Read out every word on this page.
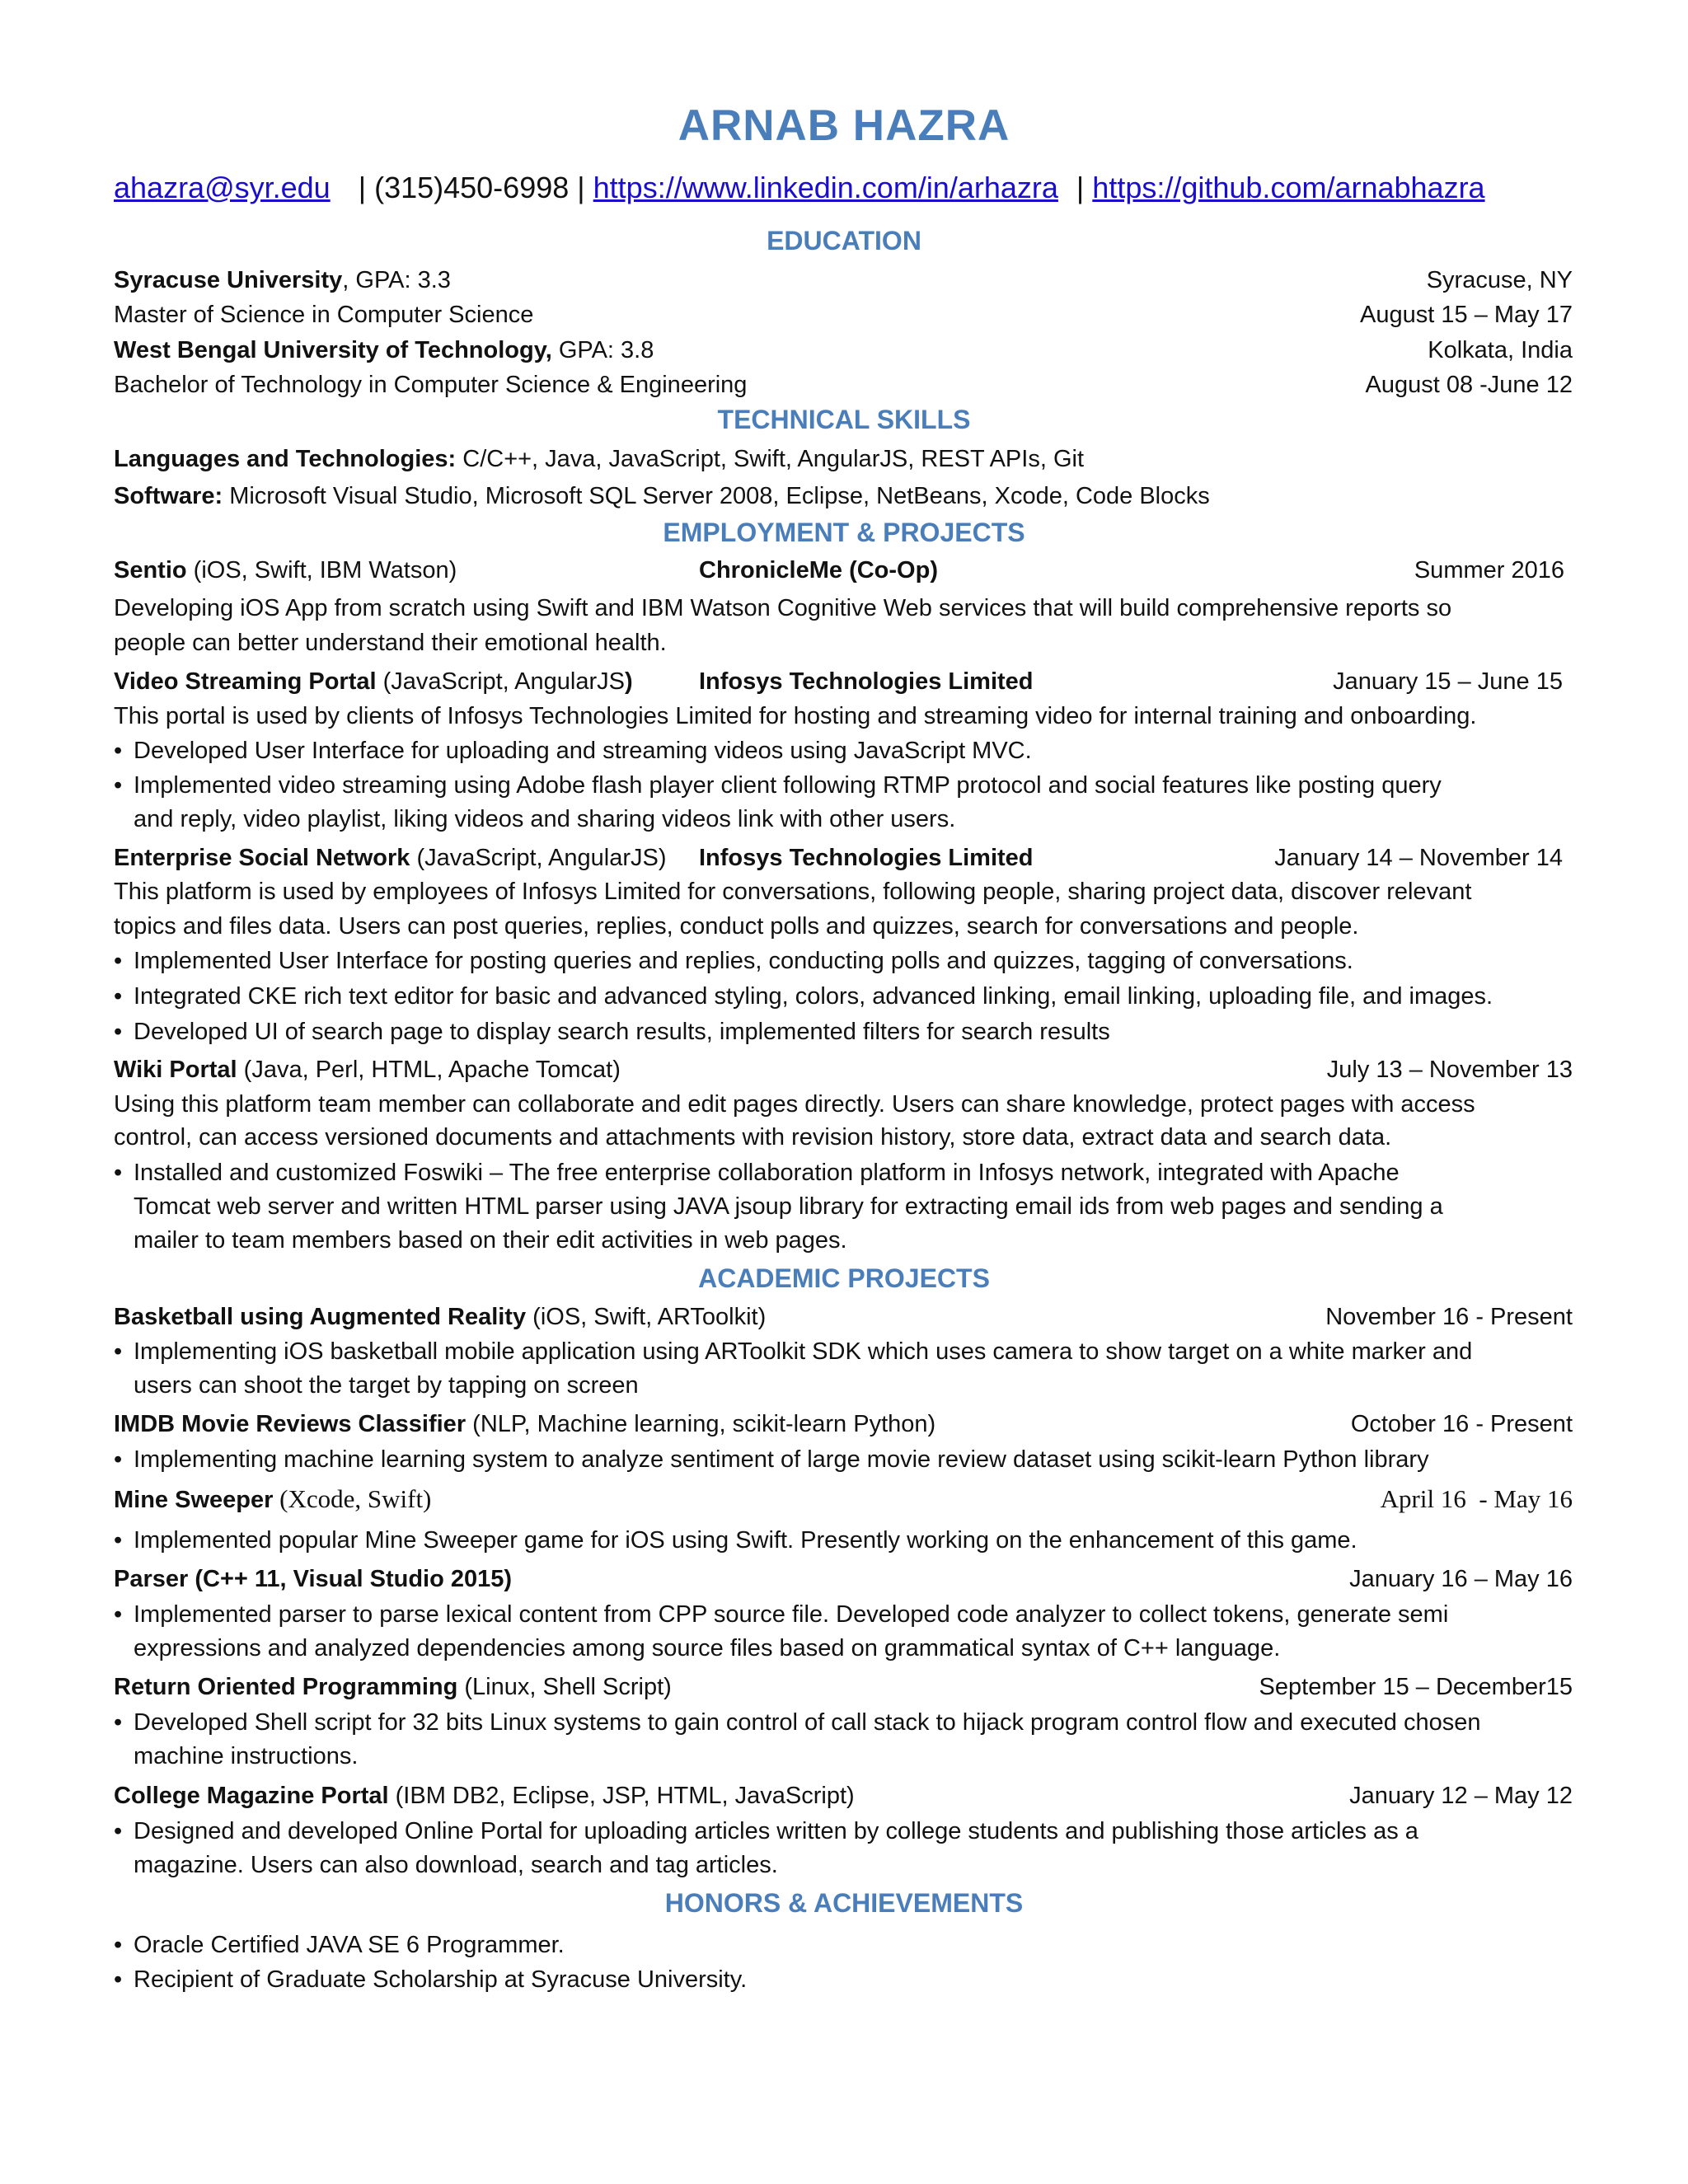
ARNAB HAZRA
ahazra@syr.edu | (315)450-6998 | https://www.linkedin.com/in/arhazra | https://github.com/arnabhazra
EDUCATION
Syracuse University, GPA: 3.3	Syracuse, NY
Master of Science in Computer Science	August 15 – May 17
West Bengal University of Technology, GPA: 3.8	Kolkata, India
Bachelor of Technology in Computer Science & Engineering	August 08 -June 12
TECHNICAL SKILLS
Languages and Technologies: C/C++, Java, JavaScript, Swift, AngularJS, REST APIs, Git
Software: Microsoft Visual Studio, Microsoft SQL Server 2008, Eclipse, NetBeans, Xcode, Code Blocks
EMPLOYMENT & PROJECTS
Sentio (iOS, Swift, IBM Watson)	ChronicleMe (Co-Op)	Summer 2016
Developing iOS App from scratch using Swift and IBM Watson Cognitive Web services that will build comprehensive reports so
people can better understand their emotional health.
Video Streaming Portal (JavaScript, AngularJS)	Infosys Technologies Limited	January 15 – June 15
This portal is used by clients of Infosys Technologies Limited for hosting and streaming video for internal training and onboarding.
• Developed User Interface for uploading and streaming videos using JavaScript MVC.
• Implemented video streaming using Adobe flash player client following RTMP protocol and social features like posting query
and reply, video playlist, liking videos and sharing videos link with other users.
Enterprise Social Network (JavaScript, AngularJS) Infosys Technologies Limited	January 14 – November 14
This platform is used by employees of Infosys Limited for conversations, following people, sharing project data, discover relevant
topics and files data. Users can post queries, replies, conduct polls and quizzes, search for conversations and people.
• Implemented User Interface for posting queries and replies, conducting polls and quizzes, tagging of conversations.
• Integrated CKE rich text editor for basic and advanced styling, colors, advanced linking, email linking, uploading file, and images.
• Developed UI of search page to display search results, implemented filters for search results
Wiki Portal (Java, Perl, HTML, Apache Tomcat)	July 13 – November 13
Using this platform team member can collaborate and edit pages directly. Users can share knowledge, protect pages with access
control, can access versioned documents and attachments with revision history, store data, extract data and search data.
• Installed and customized Foswiki – The free enterprise collaboration platform in Infosys network, integrated with Apache
Tomcat web server and written HTML parser using JAVA jsoup library for extracting email ids from web pages and sending a
mailer to team members based on their edit activities in web pages.
ACADEMIC PROJECTS
Basketball using Augmented Reality (iOS, Swift, ARToolkit)	November 16 - Present
• Implementing iOS basketball mobile application using ARToolkit SDK which uses camera to show target on a white marker and
users can shoot the target by tapping on screen
IMDB Movie Reviews Classifier (NLP, Machine learning, scikit-learn Python)	October 16 - Present
• Implementing machine learning system to analyze sentiment of large movie review dataset using scikit-learn Python library
Mine Sweeper (Xcode, Swift)	April 16  - May 16
• Implemented popular Mine Sweeper game for iOS using Swift. Presently working on the enhancement of this game.
Parser (C++ 11, Visual Studio 2015)	January 16 – May 16
• Implemented parser to parse lexical content from CPP source file. Developed code analyzer to collect tokens, generate semi
expressions and analyzed dependencies among source files based on grammatical syntax of C++ language.
Return Oriented Programming (Linux, Shell Script)	September 15 – December15
• Developed Shell script for 32 bits Linux systems to gain control of call stack to hijack program control flow and executed chosen
machine instructions.
College Magazine Portal (IBM DB2, Eclipse, JSP, HTML, JavaScript)	January 12 – May 12
• Designed and developed Online Portal for uploading articles written by college students and publishing those articles as a
magazine. Users can also download, search and tag articles.
HONORS & ACHIEVEMENTS
• Oracle Certified JAVA SE 6 Programmer.
• Recipient of Graduate Scholarship at Syracuse University.
